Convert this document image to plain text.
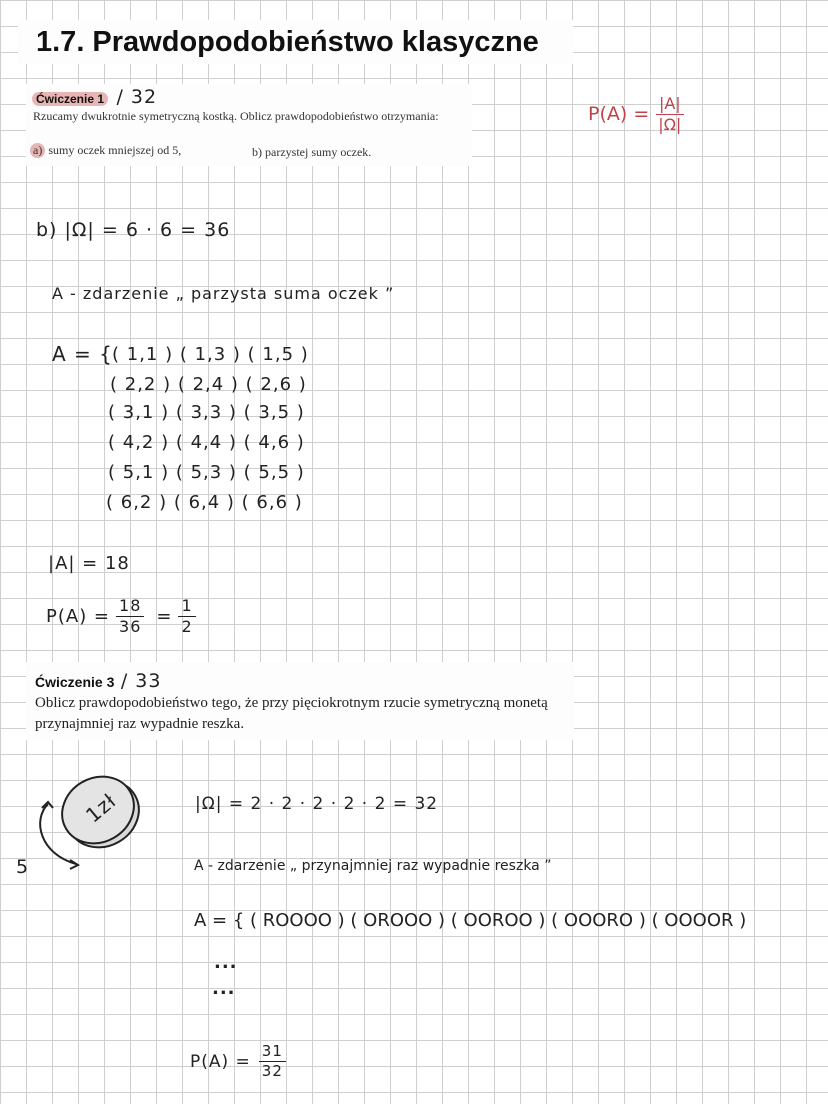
1.7. Prawdopodobieństwo klasyczne
Ćwiczenie 1 / 32
Rzucamy dwukrotnie symetryczną kostką. Oblicz prawdopodobieństwo otrzymania:
a) sumy oczek mniejszej od 5,	b) parzystej sumy oczek.
$P(A) = \frac{|A|}{|\Omega|}$
b) |Ω| = 6 · 6 = 36
A - zdarzenie „ parzysta suma oczek ”
A = { ( 1,1 ) ( 1,3 ) ( 1,5 )
( 2,2 ) ( 2,4 ) ( 2,6 )
( 3,1 ) ( 3,3 ) ( 3,5 )
( 4,2 ) ( 4,4 ) ( 4,6 )
( 5,1 ) ( 5,3 ) ( 5,5 )
( 6,2 ) ( 6,4 ) ( 6,6 )
|A| = 18
$P(A) = \frac{18}{36} = \frac{1}{2}$
Ćwiczenie 3 / 33
Oblicz prawdopodobieństwo tego, że przy pięciokrotnym rzucie symetryczną monetą przynajmniej raz wypadnie reszka.
1zł
5
|Ω| = 2 · 2 · 2 · 2 · 2 = 32
A - zdarzenie „ przynajmniej raz wypadnie reszka ”
A = { ( ROOOO ) ( OROOO ) ( OOROO ) ( OOORO ) ( OOOOR )
...
...
$P(A) = \frac{31}{32}$
